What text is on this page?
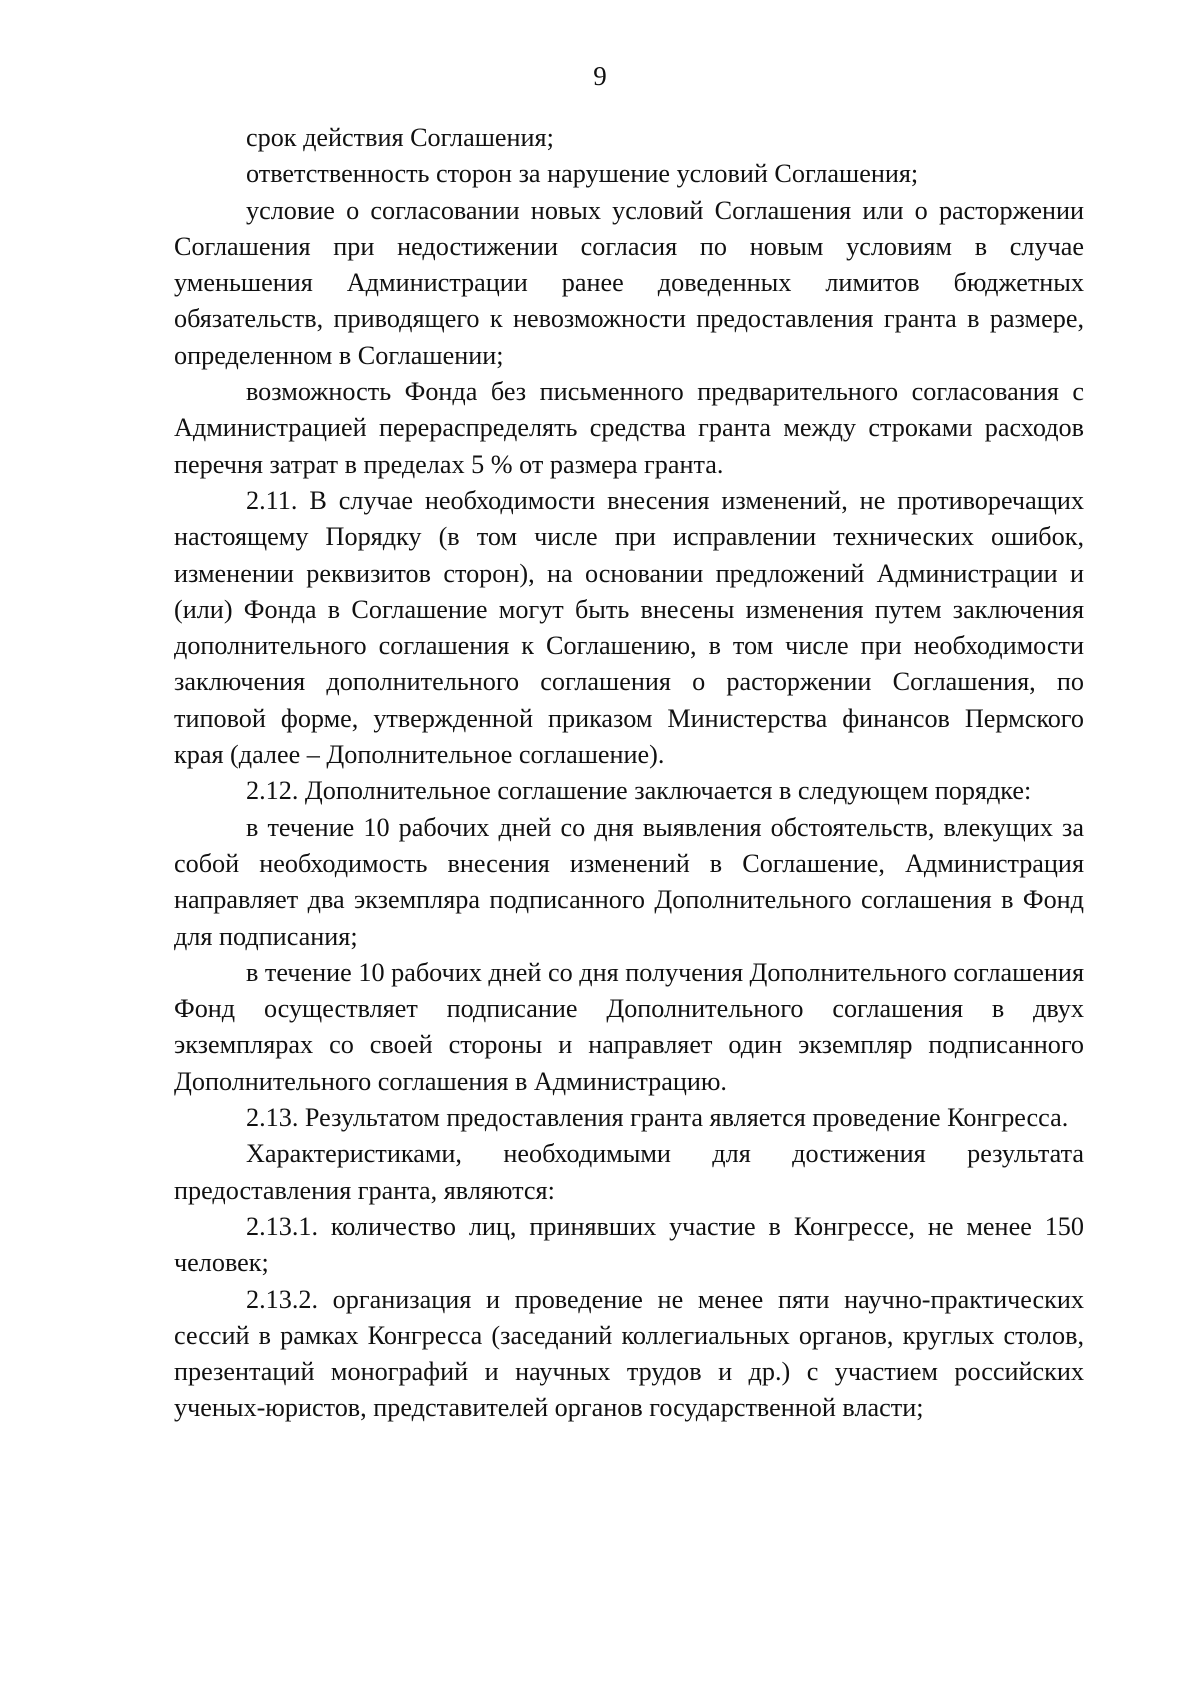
9

срок действия Соглашения;

ответственность сторон за нарушение условий Соглашения;

условие о согласовании новых условий Соглашения или о расторжении Соглашения при недостижении согласия по новым условиям в случае уменьшения Администрации ранее доведенных лимитов бюджетных обязательств, приводящего к невозможности предоставления гранта в размере, определенном в Соглашении;

возможность Фонда без письменного предварительного согласования с Администрацией перераспределять средства гранта между строками расходов перечня затрат в пределах 5 % от размера гранта.

2.11. В случае необходимости внесения изменений, не противоречащих настоящему Порядку (в том числе при исправлении технических ошибок, изменении реквизитов сторон), на основании предложений Администрации и (или) Фонда в Соглашение могут быть внесены изменения путем заключения дополнительного соглашения к Соглашению, в том числе при необходимости заключения дополнительного соглашения о расторжении Соглашения, по типовой форме, утвержденной приказом Министерства финансов Пермского края (далее – Дополнительное соглашение).

2.12. Дополнительное соглашение заключается в следующем порядке:

в течение 10 рабочих дней со дня выявления обстоятельств, влекущих за собой необходимость внесения изменений в Соглашение, Администрация направляет два экземпляра подписанного Дополнительного соглашения в Фонд для подписания;

в течение 10 рабочих дней со дня получения Дополнительного соглашения Фонд осуществляет подписание Дополнительного соглашения в двух экземплярах со своей стороны и направляет один экземпляр подписанного Дополнительного соглашения в Администрацию.

2.13. Результатом предоставления гранта является проведение Конгресса.

Характеристиками, необходимыми для достижения результата предоставления гранта, являются:

2.13.1. количество лиц, принявших участие в Конгрессе, не менее 150 человек;

2.13.2. организация и проведение не менее пяти научно-практических сессий в рамках Конгресса (заседаний коллегиальных органов, круглых столов, презентаций монографий и научных трудов и др.) с участием российских ученых-юристов, представителей органов государственной власти;
